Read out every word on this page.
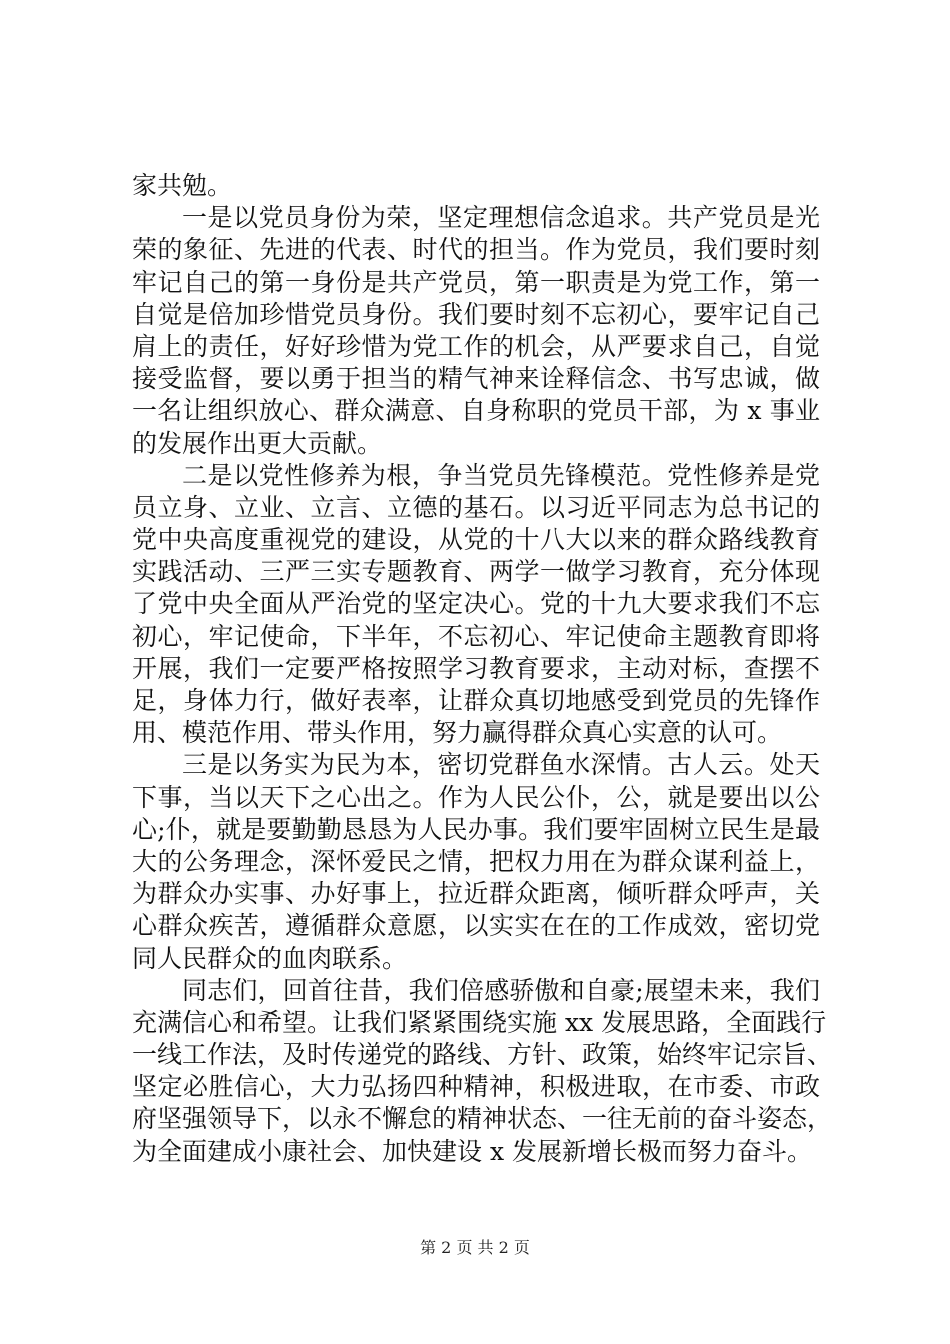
家共勉。
一是以党员身份为荣，坚定理想信念追求。共产党员是光
荣的象征、先进的代表、时代的担当。作为党员，我们要时刻
牢记自己的第一身份是共产党员，第一职责是为党工作，第一
自觉是倍加珍惜党员身份。我们要时刻不忘初心，要牢记自己
肩上的责任，好好珍惜为党工作的机会，从严要求自己，自觉
接受监督，要以勇于担当的精气神来诠释信念、书写忠诚，做
一名让组织放心、群众满意、自身称职的党员干部，为 x 事业
的发展作出更大贡献。
二是以党性修养为根，争当党员先锋模范。党性修养是党
员立身、立业、立言、立德的基石。以习近平同志为总书记的
党中央高度重视党的建设，从党的十八大以来的群众路线教育
实践活动、三严三实专题教育、两学一做学习教育，充分体现
了党中央全面从严治党的坚定决心。党的十九大要求我们不忘
初心，牢记使命，下半年，不忘初心、牢记使命主题教育即将
开展，我们一定要严格按照学习教育要求，主动对标，查摆不
足，身体力行，做好表率，让群众真切地感受到党员的先锋作
用、模范作用、带头作用，努力赢得群众真心实意的认可。
三是以务实为民为本，密切党群鱼水深情。古人云。处天
下事，当以天下之心出之。作为人民公仆，公，就是要出以公
心;仆，就是要勤勤恳恳为人民办事。我们要牢固树立民生是最
大的公务理念，深怀爱民之情，把权力用在为群众谋利益上，
为群众办实事、办好事上，拉近群众距离，倾听群众呼声，关
心群众疾苦，遵循群众意愿，以实实在在的工作成效，密切党
同人民群众的血肉联系。
同志们，回首往昔，我们倍感骄傲和自豪;展望未来，我们
充满信心和希望。让我们紧紧围绕实施 xx 发展思路，全面践行
一线工作法，及时传递党的路线、方针、政策，始终牢记宗旨、
坚定必胜信心，大力弘扬四种精神，积极进取，在市委、市政
府坚强领导下，以永不懈怠的精神状态、一往无前的奋斗姿态，
为全面建成小康社会、加快建设 x 发展新增长极而努力奋斗。
第 2 页 共 2 页
